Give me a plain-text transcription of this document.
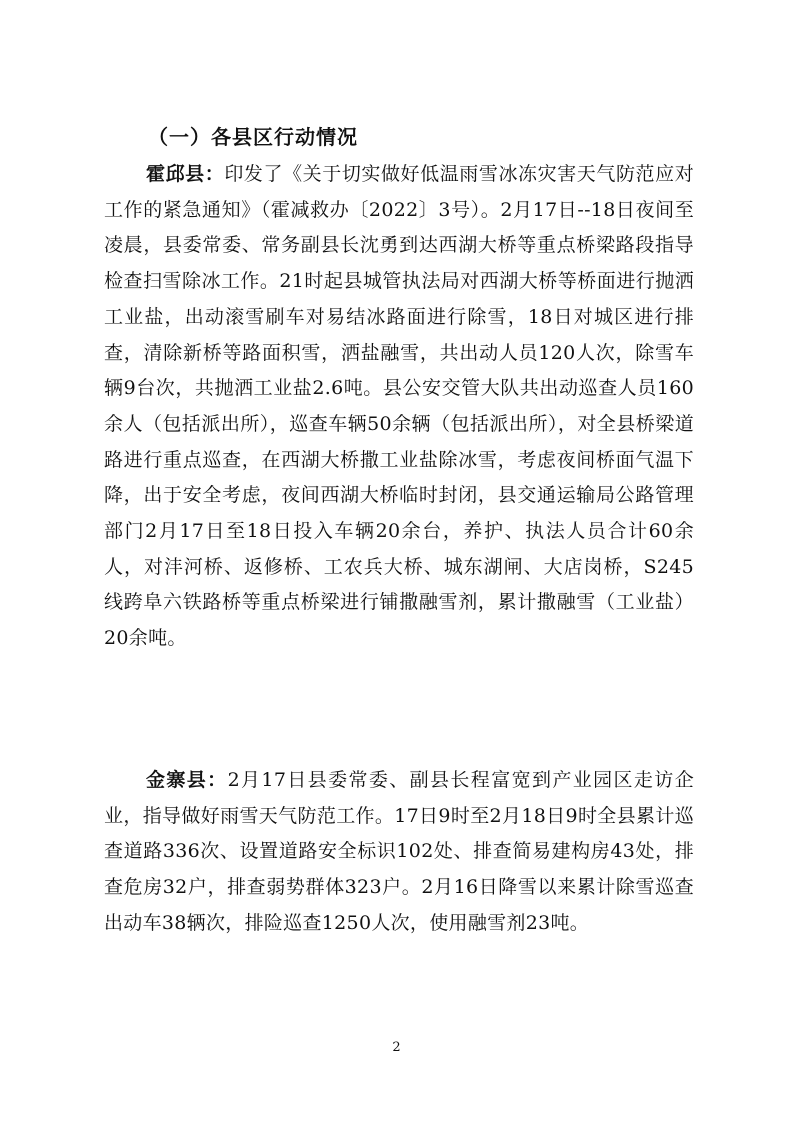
（一）各县区行动情况

霍邱县：印发了《关于切实做好低温雨雪冰冻灾害天气防范应对工作的紧急通知》（霍减救办〔2022〕3号）。2月17日--18日夜间至凌晨，县委常委、常务副县长沈勇到达西湖大桥等重点桥梁路段指导检查扫雪除冰工作。21时起县城管执法局对西湖大桥等桥面进行抛洒工业盐，出动滚雪刷车对易结冰路面进行除雪，18日对城区进行排查，清除新桥等路面积雪，洒盐融雪，共出动人员120人次，除雪车辆9台次，共抛洒工业盐2.6吨。县公安交管大队共出动巡查人员160余人（包括派出所），巡查车辆50余辆（包括派出所），对全县桥梁道路进行重点巡查，在西湖大桥撒工业盐除冰雪，考虑夜间桥面气温下降，出于安全考虑，夜间西湖大桥临时封闭，县交通运输局公路管理部门2月17日至18日投入车辆20余台，养护、执法人员合计60余人，对沣河桥、返修桥、工农兵大桥、城东湖闸、大店岗桥，S245线跨阜六铁路桥等重点桥梁进行铺撒融雪剂，累计撒融雪（工业盐）20余吨。

金寨县：2月17日县委常委、副县长程富宽到产业园区走访企业，指导做好雨雪天气防范工作。17日9时至2月18日9时全县累计巡查道路336次、设置道路安全标识102处、排查简易建构房43处，排查危房32户，排查弱势群体323户。2月16日降雪以来累计除雪巡查出动车38辆次，排险巡查1250人次，使用融雪剂23吨。

2
